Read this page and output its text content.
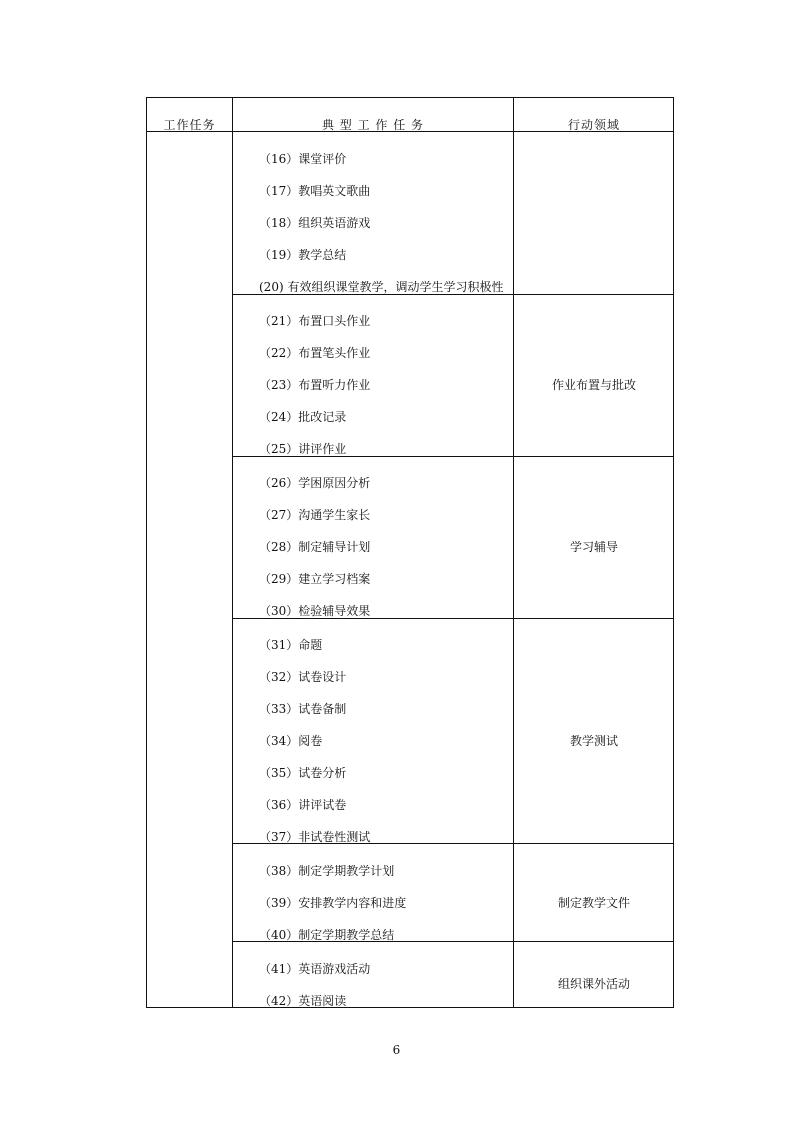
工作任务	典 型 工 作 任 务	行动领域
（16）课堂评价
（17）教唱英文歌曲
（18）组织英语游戏
（19）教学总结
(20) 有效组织课堂教学，调动学生学习积极性
（21）布置口头作业
（22）布置笔头作业
（23）布置听力作业
（24）批改记录
（25）讲评作业
作业布置与批改
（26）学困原因分析
（27）沟通学生家长
（28）制定辅导计划
（29）建立学习档案
（30）检验辅导效果
学习辅导
（31）命题
（32）试卷设计
（33）试卷备制
（34）阅卷
（35）试卷分析
（36）讲评试卷
（37）非试卷性测试
教学测试
（38）制定学期教学计划
（39）安排教学内容和进度
（40）制定学期教学总结
制定教学文件
（41）英语游戏活动
（42）英语阅读
组织课外活动
6
